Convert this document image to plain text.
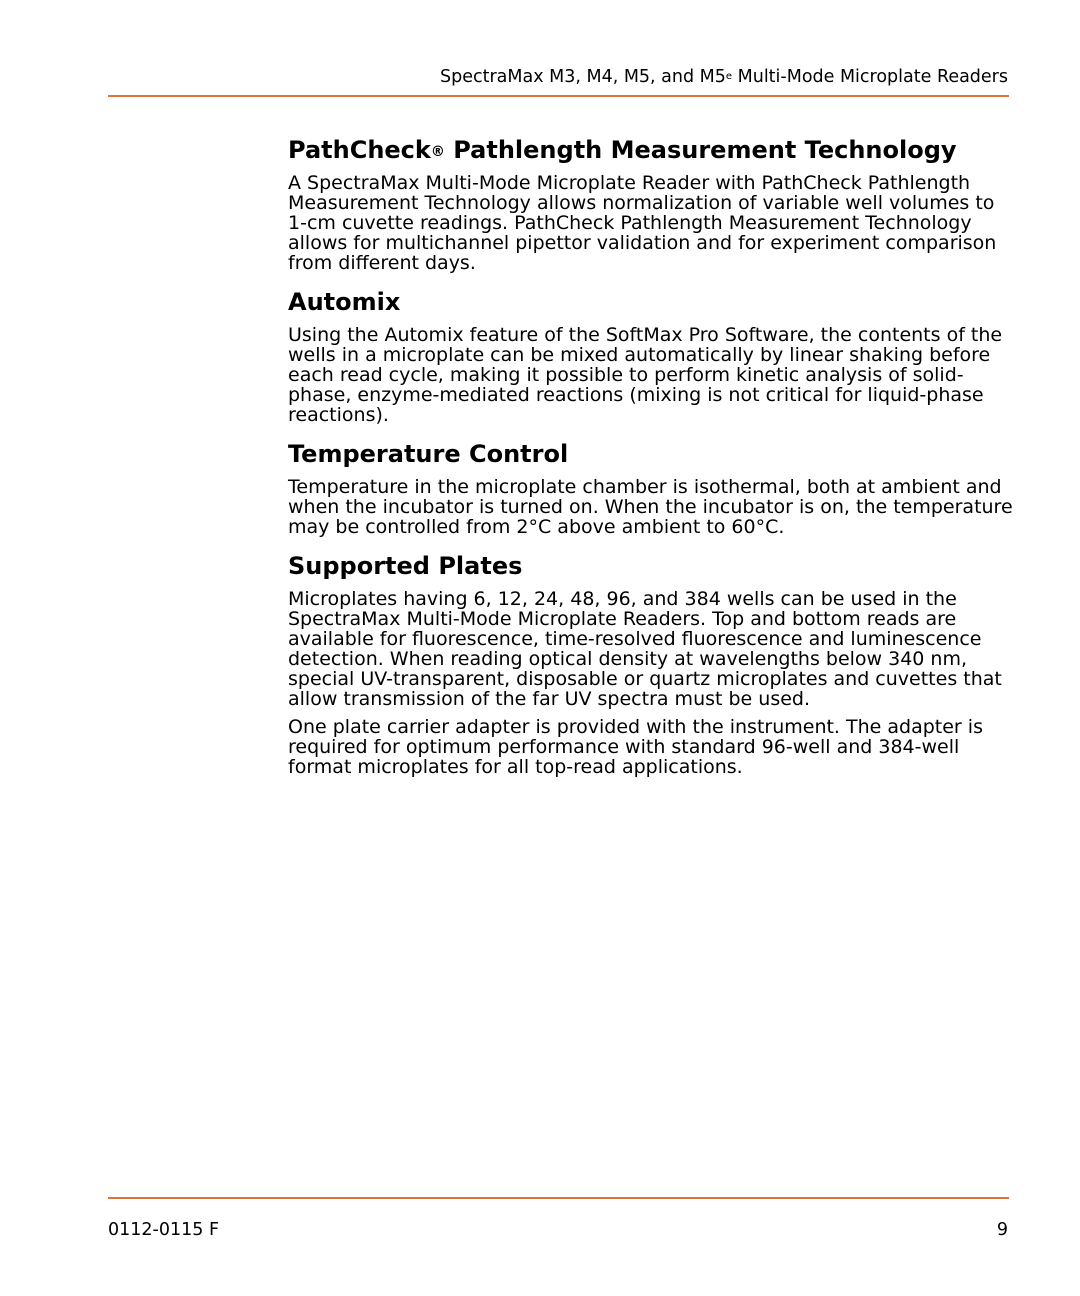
SpectraMax M3, M4, M5, and M5e Multi-Mode Microplate Readers
PathCheck® Pathlength Measurement Technology

A SpectraMax Multi-Mode Microplate Reader with PathCheck Pathlength Measurement Technology allows normalization of variable well volumes to 1-cm cuvette readings. PathCheck Pathlength Measurement Technology allows for multichannel pipettor validation and for experiment comparison from different days.

Automix

Using the Automix feature of the SoftMax Pro Software, the contents of the wells in a microplate can be mixed automatically by linear shaking before each read cycle, making it possible to perform kinetic analysis of solid-phase, enzyme-mediated reactions (mixing is not critical for liquid-phase reactions).

Temperature Control

Temperature in the microplate chamber is isothermal, both at ambient and when the incubator is turned on. When the incubator is on, the temperature may be controlled from 2°C above ambient to 60°C.

Supported Plates

Microplates having 6, 12, 24, 48, 96, and 384 wells can be used in the SpectraMax Multi-Mode Microplate Readers. Top and bottom reads are available for fluorescence, time-resolved fluorescence and luminescence detection. When reading optical density at wavelengths below 340 nm, special UV-transparent, disposable or quartz microplates and cuvettes that allow transmission of the far UV spectra must be used.

One plate carrier adapter is provided with the instrument. The adapter is required for optimum performance with standard 96-well and 384-well format microplates for all top-read applications.

0112-0115 F	9
